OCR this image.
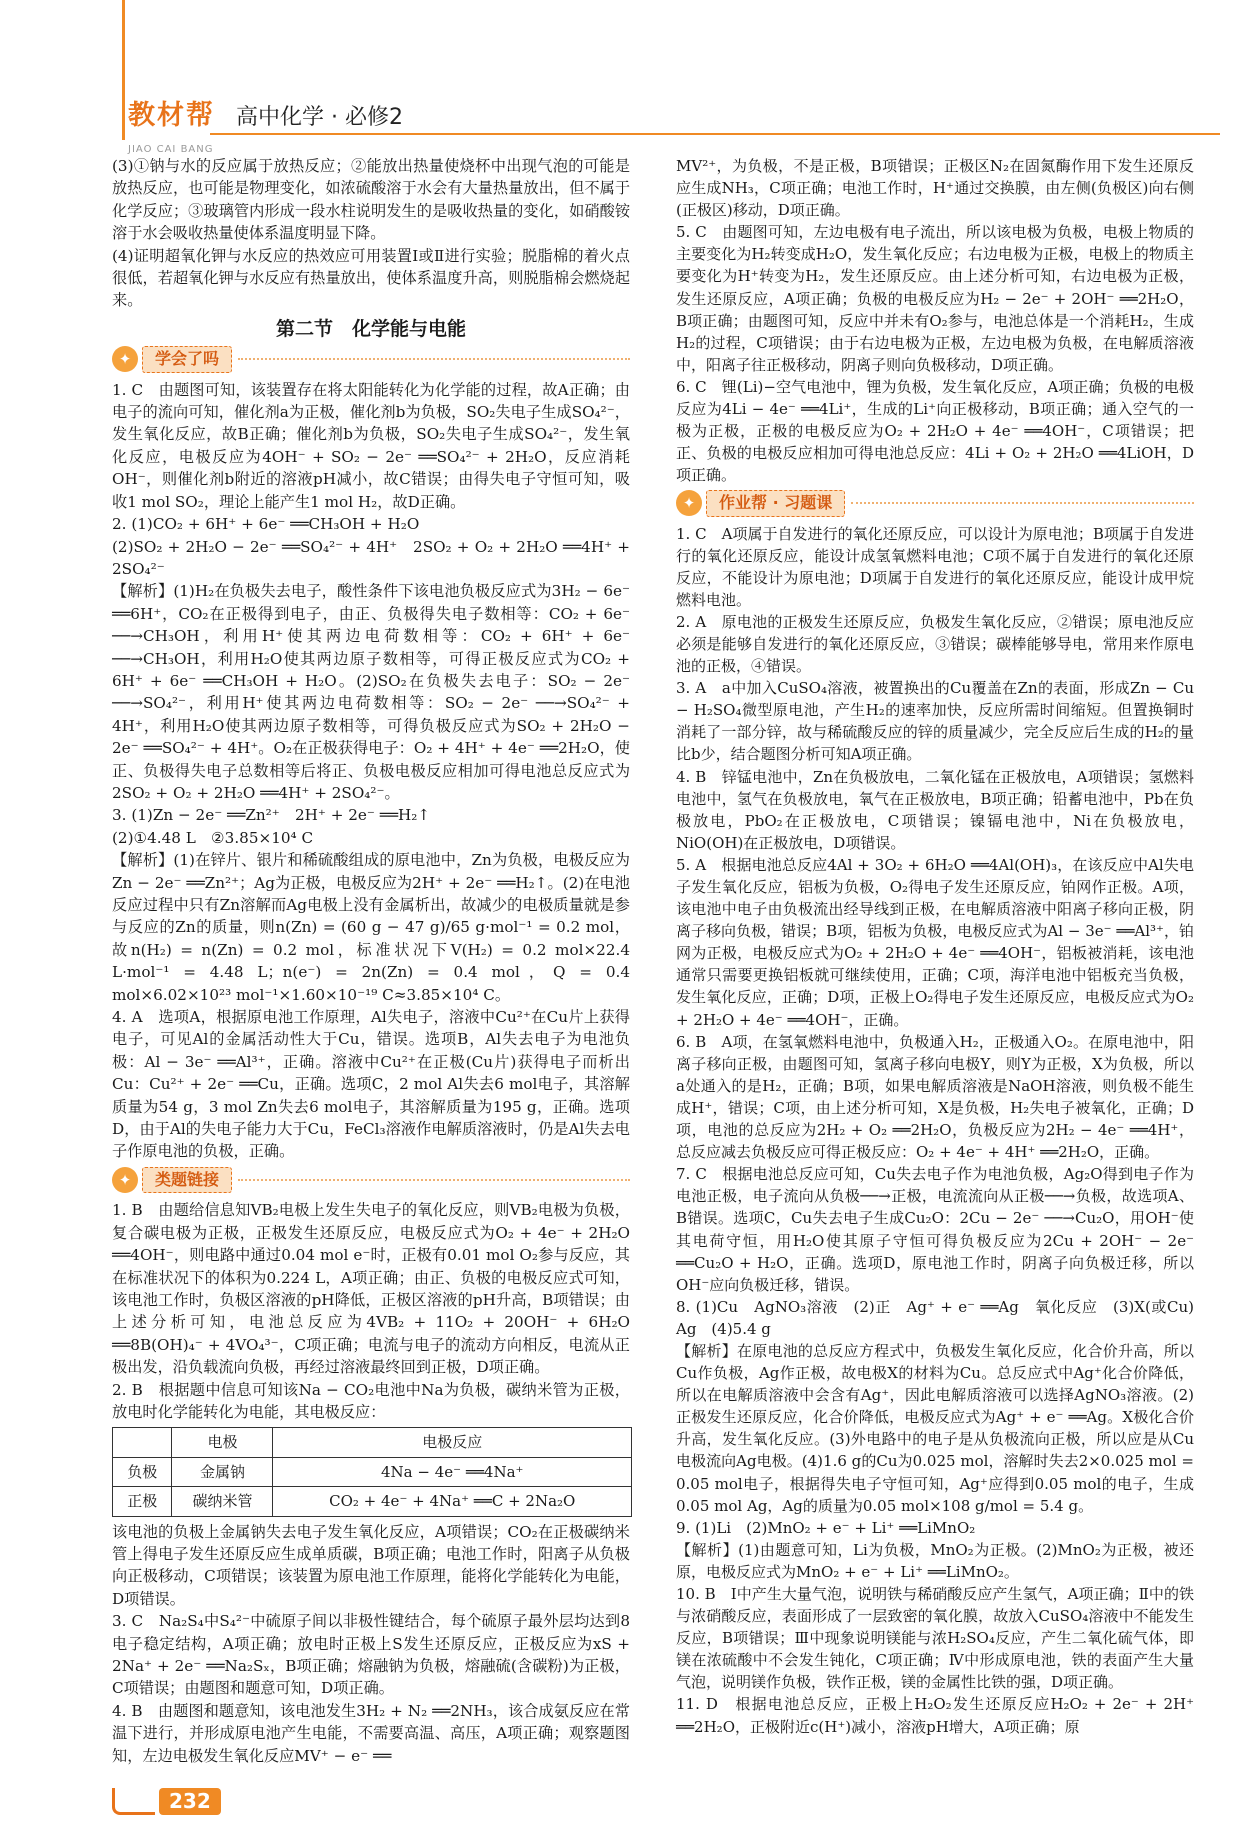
教材帮
JIAO CAI BANG
高中化学 · 必修2

(3)①钠与水的反应属于放热反应；②能放出热量使烧杯中出现气泡的可能是放热反应，也可能是物理变化，如浓硫酸溶于水会有大量热量放出，但不属于化学反应；③玻璃管内形成一段水柱说明发生的是吸收热量的变化，如硝酸铵溶于水会吸收热量使体系温度明显下降。

(4)证明超氧化钾与水反应的热效应可用装置Ⅰ或Ⅱ进行实验；脱脂棉的着火点很低，若超氧化钾与水反应有热量放出，使体系温度升高，则脱脂棉会燃烧起来。

第二节　化学能与电能
✦	学会了吗

1. C　由题图可知，该装置存在将太阳能转化为化学能的过程，故A正确；由电子的流向可知，催化剂a为正极，催化剂b为负极，SO₂失电子生成SO₄²⁻，发生氧化反应，故B正确；催化剂b为负极，SO₂失电子生成SO₄²⁻，发生氧化反应，电极反应为4OH⁻ + SO₂ − 2e⁻ ══SO₄²⁻ + 2H₂O，反应消耗OH⁻，则催化剂b附近的溶液pH减小，故C错误；由得失电子守恒可知，吸收1 mol SO₂，理论上能产生1 mol H₂，故D正确。

2. (1)CO₂ + 6H⁺ + 6e⁻ ══CH₃OH + H₂O

(2)SO₂ + 2H₂O − 2e⁻ ══SO₄²⁻ + 4H⁺　2SO₂ + O₂ + 2H₂O ══4H⁺ + 2SO₄²⁻

【解析】(1)H₂在负极失去电子，酸性条件下该电池负极反应式为3H₂ − 6e⁻ ══6H⁺，CO₂在正极得到电子，由正、负极得失电子数相等：CO₂ + 6e⁻ ──→CH₃OH，利用H⁺使其两边电荷数相等：CO₂ + 6H⁺ + 6e⁻ ──→CH₃OH，利用H₂O使其两边原子数相等，可得正极反应式为CO₂ + 6H⁺ + 6e⁻ ══CH₃OH + H₂O。(2)SO₂在负极失去电子：SO₂ − 2e⁻ ──→SO₄²⁻，利用H⁺使其两边电荷数相等：SO₂ − 2e⁻ ──→SO₄²⁻ + 4H⁺，利用H₂O使其两边原子数相等，可得负极反应式为SO₂ + 2H₂O − 2e⁻ ══SO₄²⁻ + 4H⁺。O₂在正极获得电子：O₂ + 4H⁺ + 4e⁻ ══2H₂O，使正、负极得失电子总数相等后将正、负极电极反应相加可得电池总反应式为2SO₂ + O₂ + 2H₂O ══4H⁺ + 2SO₄²⁻。

3. (1)Zn − 2e⁻ ══Zn²⁺　2H⁺ + 2e⁻ ══H₂↑

(2)①4.48 L　②3.85×10⁴ C

【解析】(1)在锌片、银片和稀硫酸组成的原电池中，Zn为负极，电极反应为Zn − 2e⁻ ══Zn²⁺；Ag为正极，电极反应为2H⁺ + 2e⁻ ══H₂↑。(2)在电池反应过程中只有Zn溶解而Ag电极上没有金属析出，故减少的电极质量就是参与反应的Zn的质量，则n(Zn) = (60 g − 47 g)/65 g·mol⁻¹ = 0.2 mol，故n(H₂) = n(Zn) = 0.2 mol，标准状况下V(H₂) = 0.2 mol×22.4 L·mol⁻¹ = 4.48 L；n(e⁻) = 2n(Zn) = 0.4 mol，Q = 0.4 mol×6.02×10²³ mol⁻¹×1.60×10⁻¹⁹ C≈3.85×10⁴ C。

4. A　选项A，根据原电池工作原理，Al失电子，溶液中Cu²⁺在Cu片上获得电子，可见Al的金属活动性大于Cu，错误。选项B，Al失去电子为电池负极：Al − 3e⁻ ══Al³⁺，正确。溶液中Cu²⁺在正极(Cu片)获得电子而析出Cu：Cu²⁺ + 2e⁻ ══Cu，正确。选项C，2 mol Al失去6 mol电子，其溶解质量为54 g，3 mol Zn失去6 mol电子，其溶解质量为195 g，正确。选项D，由于Al的失电子能力大于Cu，FeCl₃溶液作电解质溶液时，仍是Al失去电子作原电池的负极，正确。

✦	类题链接

1. B　由题给信息知VB₂电极上发生失电子的氧化反应，则VB₂电极为负极，复合碳电极为正极，正极发生还原反应，电极反应式为O₂ + 4e⁻ + 2H₂O ══4OH⁻，则电路中通过0.04 mol e⁻时，正极有0.01 mol O₂参与反应，其在标准状况下的体积为0.224 L，A项正确；由正、负极的电极反应式可知，该电池工作时，负极区溶液的pH降低，正极区溶液的pH升高，B项错误；由上述分析可知，电池总反应为4VB₂ + 11O₂ + 20OH⁻ + 6H₂O ══8B(OH)₄⁻ + 4VO₄³⁻，C项正确；电流与电子的流动方向相反，电流从正极出发，沿负载流向负极，再经过溶液最终回到正极，D项正确。

2. B　根据题中信息可知该Na − CO₂电池中Na为负极，碳纳米管为正极，放电时化学能转化为电能，其电极反应：

	电极	电极反应
负极	金属钠	4Na − 4e⁻ ══4Na⁺
正极	碳纳米管	CO₂ + 4e⁻ + 4Na⁺ ══C + 2Na₂O

该电池的负极上金属钠失去电子发生氧化反应，A项错误；CO₂在正极碳纳米管上得电子发生还原反应生成单质碳，B项正确；电池工作时，阳离子从负极向正极移动，C项错误；该装置为原电池工作原理，能将化学能转化为电能，D项错误。

3. C　Na₂S₄中S₄²⁻中硫原子间以非极性键结合，每个硫原子最外层均达到8电子稳定结构，A项正确；放电时正极上S发生还原反应，正极反应为xS + 2Na⁺ + 2e⁻ ══Na₂Sₓ，B项正确；熔融钠为负极，熔融硫(含碳粉)为正极，C项错误；由题图和题意可知，D项正确。

4. B　由题图和题意知，该电池发生3H₂ + N₂ ══2NH₃，该合成氨反应在常温下进行，并形成原电池产生电能，不需要高温、高压，A项正确；观察题图知，左边电极发生氧化反应MV⁺ − e⁻ ══

MV²⁺，为负极，不是正极，B项错误；正极区N₂在固氮酶作用下发生还原反应生成NH₃，C项正确；电池工作时，H⁺通过交换膜，由左侧(负极区)向右侧(正极区)移动，D项正确。

5. C　由题图可知，左边电极有电子流出，所以该电极为负极，电极上物质的主要变化为H₂转变成H₂O，发生氧化反应；右边电极为正极，电极上的物质主要变化为H⁺转变为H₂，发生还原反应。由上述分析可知，右边电极为正极，发生还原反应，A项正确；负极的电极反应为H₂ − 2e⁻ + 2OH⁻ ══2H₂O，B项正确；由题图可知，反应中并未有O₂参与，电池总体是一个消耗H₂，生成H₂的过程，C项错误；由于右边电极为正极，左边电极为负极，在电解质溶液中，阳离子往正极移动，阴离子则向负极移动，D项正确。

6. C　锂(Li)−空气电池中，锂为负极，发生氧化反应，A项正确；负极的电极反应为4Li − 4e⁻ ══4Li⁺，生成的Li⁺向正极移动，B项正确；通入空气的一极为正极，正极的电极反应为O₂ + 2H₂O + 4e⁻ ══4OH⁻，C项错误；把正、负极的电极反应相加可得电池总反应：4Li + O₂ + 2H₂O ══4LiOH，D项正确。

✦	作业帮 · 习题课

1. C　A项属于自发进行的氧化还原反应，可以设计为原电池；B项属于自发进行的氧化还原反应，能设计成氢氧燃料电池；C项不属于自发进行的氧化还原反应，不能设计为原电池；D项属于自发进行的氧化还原反应，能设计成甲烷燃料电池。

2. A　原电池的正极发生还原反应，负极发生氧化反应，②错误；原电池反应必须是能够自发进行的氧化还原反应，③错误；碳棒能够导电，常用来作原电池的正极，④错误。

3. A　a中加入CuSO₄溶液，被置换出的Cu覆盖在Zn的表面，形成Zn − Cu − H₂SO₄微型原电池，产生H₂的速率加快，反应所需时间缩短。但置换铜时消耗了一部分锌，故与稀硫酸反应的锌的质量减少，完全反应后生成的H₂的量比b少，结合题图分析可知A项正确。

4. B　锌锰电池中，Zn在负极放电，二氧化锰在正极放电，A项错误；氢燃料电池中，氢气在负极放电，氧气在正极放电，B项正确；铅蓄电池中，Pb在负极放电，PbO₂在正极放电，C项错误；镍镉电池中，Ni在负极放电，NiO(OH)在正极放电，D项错误。

5. A　根据电池总反应4Al + 3O₂ + 6H₂O ══4Al(OH)₃，在该反应中Al失电子发生氧化反应，铝板为负极，O₂得电子发生还原反应，铂网作正极。A项，该电池中电子由负极流出经导线到正极，在电解质溶液中阳离子移向正极，阴离子移向负极，错误；B项，铝板为负极，电极反应式为Al − 3e⁻ ══Al³⁺，铂网为正极，电极反应式为O₂ + 2H₂O + 4e⁻ ══4OH⁻，铝板被消耗，该电池通常只需要更换铝板就可继续使用，正确；C项，海洋电池中铝板充当负极，发生氧化反应，正确；D项，正极上O₂得电子发生还原反应，电极反应式为O₂ + 2H₂O + 4e⁻ ══4OH⁻，正确。

6. B　A项，在氢氧燃料电池中，负极通入H₂，正极通入O₂。在原电池中，阳离子移向正极，由题图可知，氢离子移向电极Y，则Y为正极，X为负极，所以a处通入的是H₂，正确；B项，如果电解质溶液是NaOH溶液，则负极不能生成H⁺，错误；C项，由上述分析可知，X是负极，H₂失电子被氧化，正确；D项，电池的总反应为2H₂ + O₂ ══2H₂O，负极反应为2H₂ − 4e⁻ ══4H⁺，总反应减去负极反应可得正极反应：O₂ + 4e⁻ + 4H⁺ ══2H₂O，正确。

7. C　根据电池总反应可知，Cu失去电子作为电池负极，Ag₂O得到电子作为电池正极，电子流向从负极──→正极，电流流向从正极──→负极，故选项A、B错误。选项C，Cu失去电子生成Cu₂O：2Cu − 2e⁻ ──→Cu₂O，用OH⁻使其电荷守恒，用H₂O使其原子守恒可得负极反应为2Cu + 2OH⁻ − 2e⁻ ══Cu₂O + H₂O，正确。选项D，原电池工作时，阴离子向负极迁移，所以OH⁻应向负极迁移，错误。

8. (1)Cu　AgNO₃溶液　(2)正　Ag⁺ + e⁻ ══Ag　氧化反应　(3)X(或Cu)　Ag　(4)5.4 g

【解析】在原电池的总反应方程式中，负极发生氧化反应，化合价升高，所以Cu作负极，Ag作正极，故电极X的材料为Cu。总反应式中Ag⁺化合价降低，所以在电解质溶液中会含有Ag⁺，因此电解质溶液可以选择AgNO₃溶液。(2)正极发生还原反应，化合价降低，电极反应式为Ag⁺ + e⁻ ══Ag。X极化合价升高，发生氧化反应。(3)外电路中的电子是从负极流向正极，所以应是从Cu电极流向Ag电极。(4)1.6 g的Cu为0.025 mol，溶解时失去2×0.025 mol = 0.05 mol电子，根据得失电子守恒可知，Ag⁺应得到0.05 mol的电子，生成0.05 mol Ag，Ag的质量为0.05 mol×108 g/mol = 5.4 g。

9. (1)Li　(2)MnO₂ + e⁻ + Li⁺ ══LiMnO₂

【解析】(1)由题意可知，Li为负极，MnO₂为正极。(2)MnO₂为正极，被还原，电极反应式为MnO₂ + e⁻ + Li⁺ ══LiMnO₂。

10. B　Ⅰ中产生大量气泡，说明铁与稀硝酸反应产生氢气，A项正确；Ⅱ中的铁与浓硝酸反应，表面形成了一层致密的氧化膜，故放入CuSO₄溶液中不能发生反应，B项错误；Ⅲ中现象说明镁能与浓H₂SO₄反应，产生二氧化硫气体，即镁在浓硫酸中不会发生钝化，C项正确；Ⅳ中形成原电池，铁的表面产生大量气泡，说明镁作负极，铁作正极，镁的金属性比铁的强，D项正确。

11. D　根据电池总反应，正极上H₂O₂发生还原反应H₂O₂ + 2e⁻ + 2H⁺ ══2H₂O，正极附近c(H⁺)减小，溶液pH增大，A项正确；原

232
